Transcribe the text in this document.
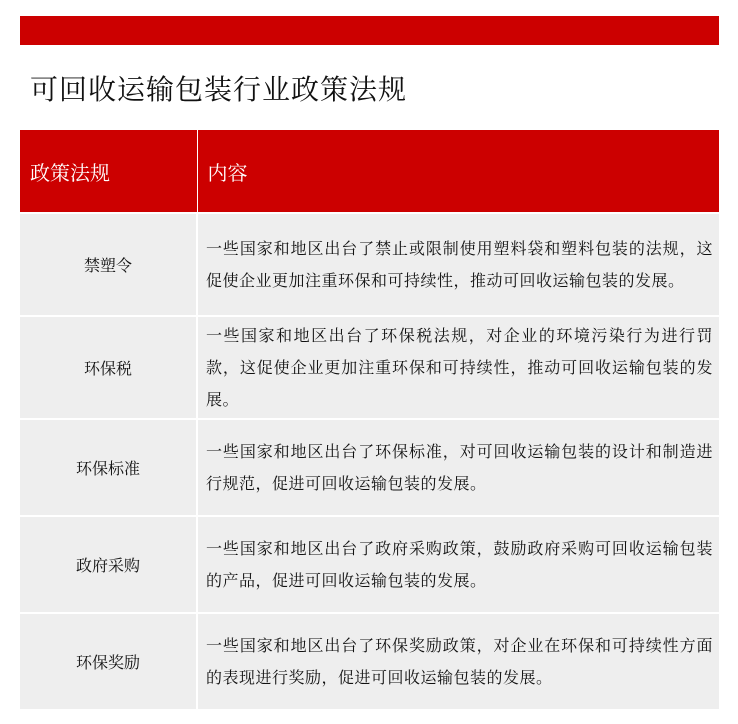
可回收运输包装行业政策法规
政策法规	内容
禁塑令	一些国家和地区出台了禁止或限制使用塑料袋和塑料包装的法规，这促使企业更加注重环保和可持续性，推动可回收运输包装的发展。
环保税	一些国家和地区出台了环保税法规，对企业的环境污染行为进行罚款，这促使企业更加注重环保和可持续性，推动可回收运输包装的发展。
环保标准	一些国家和地区出台了环保标准，对可回收运输包装的设计和制造进行规范，促进可回收运输包装的发展。
政府采购	一些国家和地区出台了政府采购政策，鼓励政府采购可回收运输包装的产品，促进可回收运输包装的发展。
环保奖励	一些国家和地区出台了环保奖励政策，对企业在环保和可持续性方面的表现进行奖励，促进可回收运输包装的发展。
